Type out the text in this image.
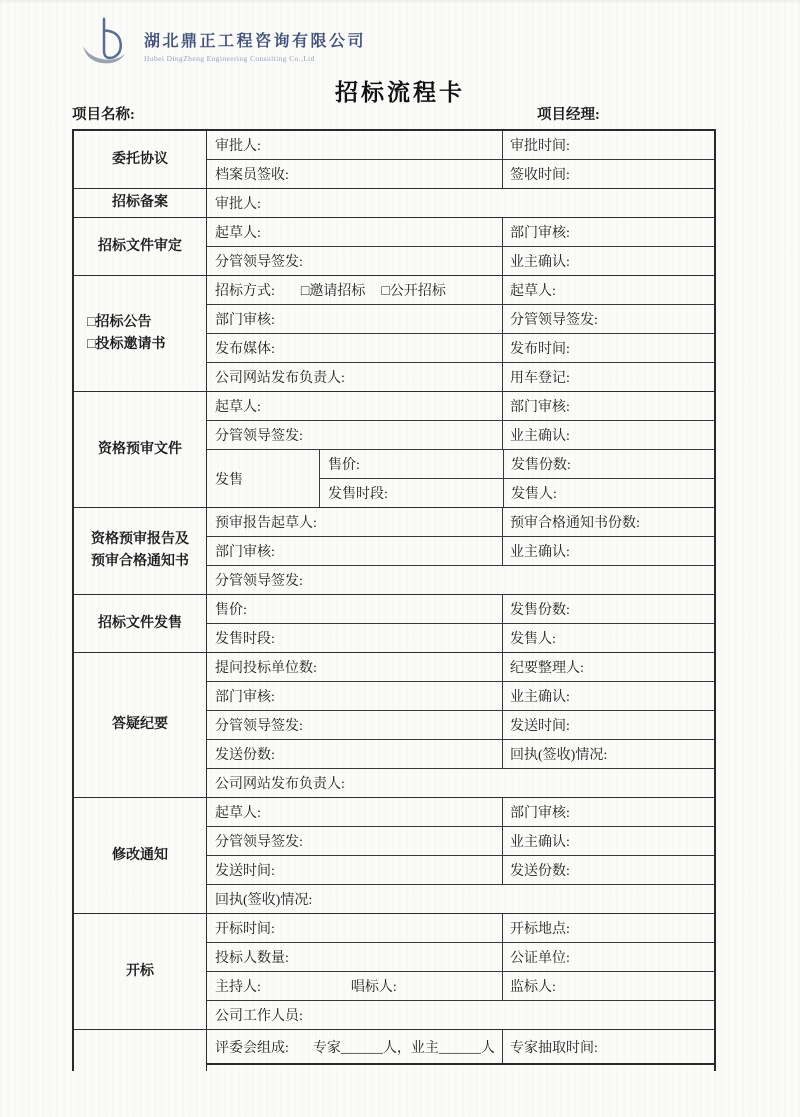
湖北鼎正工程咨询有限公司
Hubei DingZheng Engineering Consulting Co.,Ltd
招标流程卡
项目名称:	项目经理:
委托协议
审批人:	审批时间:
档案员签收:	签收时间:
招标备案	审批人:
招标文件审定
起草人:	部门审核:
分管领导签发:	业主确认:
□招标公告
□投标邀请书
招标方式: □邀请招标 □公开招标	起草人:
部门审核:	分管领导签发:
发布媒体:	发布时间:
公司网站发布负责人:	用车登记:
资格预审文件
起草人:	部门审核:
分管领导签发:	业主确认:
发售
售价:	发售份数:
发售时段:	发售人:
资格预审报告及
预审合格通知书
预审报告起草人:	预审合格通知书份数:
部门审核:	业主确认:
分管领导签发:
招标文件发售
售价:	发售份数:
发售时段:	发售人:
答疑纪要
提问投标单位数:	纪要整理人:
部门审核:	业主确认:
分管领导签发:	发送时间:
发送份数:	回执(签收)情况:
公司网站发布负责人:
修改通知
起草人:	部门审核:
分管领导签发:	业主确认:
发送时间:	发送份数:
回执(签收)情况:
开标
开标时间:	开标地点:
投标人数量:	公证单位:
主持人:	唱标人:	监标人:
公司工作人员:
评委会组成: 专家______人，业主______人	专家抽取时间:
